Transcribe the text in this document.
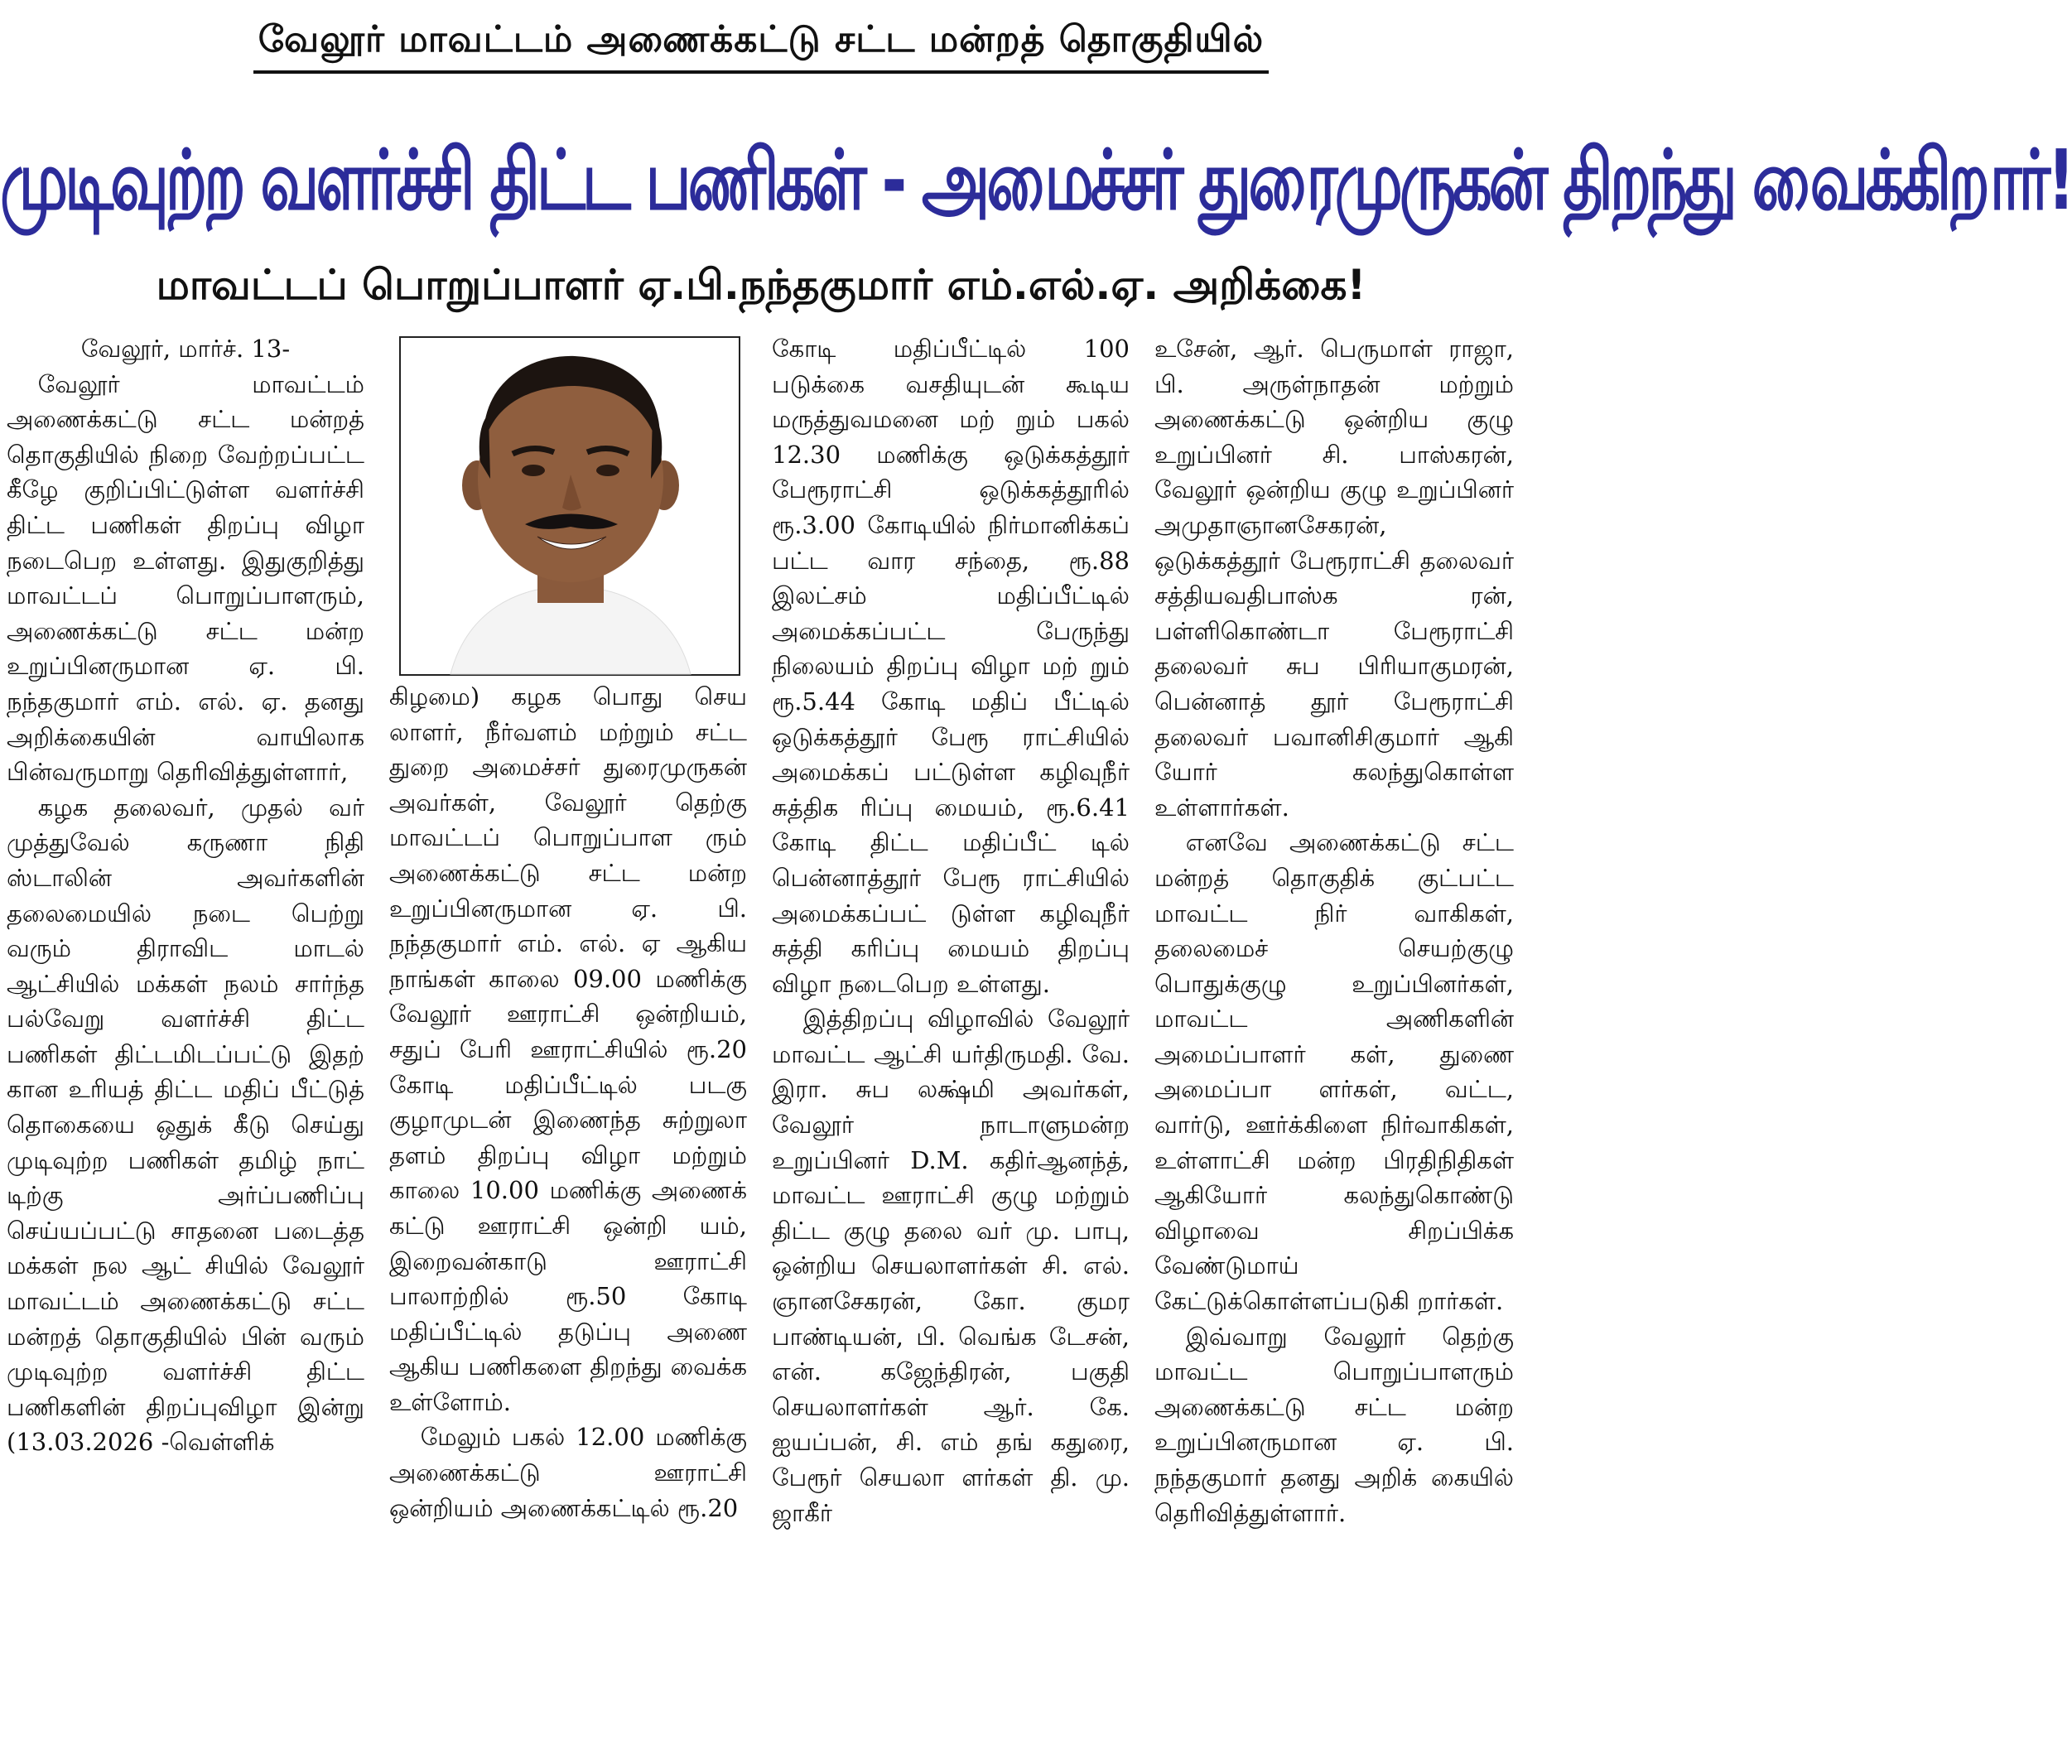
வேலூர் மாவட்டம் அணைக்கட்டு சட்ட மன்றத் தொகுதியில்
முடிவுற்ற வளர்ச்சி திட்ட பணிகள் - அமைச்சர் துரைமுருகன் திறந்து வைக்கிறார்!
மாவட்டப் பொறுப்பாளர் ஏ.பி.நந்தகுமார் எம்.எல்.ஏ. அறிக்கை!

வேலூர், மார்ச். 13-

வேலூர் மாவட்டம் அணைக்கட்டு சட்ட மன்றத் தொகுதியில் நிறை வேற்றப்பட்ட கீழே குறிப்பிட்டுள்ள வளர்ச்சி திட்ட பணிகள் திறப்பு விழா நடைபெற உள்ளது. இதுகுறித்து மாவட்டப் பொறுப்பாளரும், அணைக்கட்டு சட்ட மன்ற உறுப்பினருமான ஏ. பி. நந்தகுமார் எம். எல். ஏ. தனது அறிக்கையின் வாயிலாக பின்வருமாறு தெரிவித்துள்ளார்,

கழக தலைவர், முதல் வர் முத்துவேல் கருணா நிதி ஸ்டாலின் அவர்களின் தலைமையில் நடை பெற்று வரும் திராவிட மாடல் ஆட்சியில் மக்கள் நலம் சார்ந்த பல்வேறு வளர்ச்சி திட்ட பணிகள் திட்டமிடப்பட்டு இதற் கான உரியத் திட்ட மதிப் பீட்டுத் தொகையை ஒதுக் கீடு செய்து முடிவுற்ற பணிகள் தமிழ் நாட் டிற்கு அர்ப்பணிப்பு செய்யப்பட்டு சாதனை படைத்த மக்கள் நல ஆட் சியில் வேலூர் மாவட்டம் அணைக்கட்டு சட்ட மன்றத் தொகுதியில் பின் வரும் முடிவுற்ற வளர்ச்சி திட்ட பணிகளின் திறப்புவிழா இன்று (13.03.2026 -வெள்ளிக்

கிழமை) கழக பொது செய லாளர், நீர்வளம் மற்றும் சட்ட துறை அமைச்சர் துரைமுருகன் அவர்கள், வேலூர் தெற்கு மாவட்டப் பொறுப்பாள ரும் அணைக்கட்டு சட்ட மன்ற உறுப்பினருமான ஏ. பி. நந்தகுமார் எம். எல். ஏ ஆகிய நாங்கள் காலை 09.00 மணிக்கு வேலூர் ஊராட்சி ஒன்றியம், சதுப் பேரி ஊராட்சியில் ரூ.20 கோடி மதிப்பீட்டில் படகு குழாமுடன் இணைந்த சுற்றுலா தளம் திறப்பு விழா மற்றும் காலை 10.00 மணிக்கு அணைக் கட்டு ஊராட்சி ஒன்றி யம், இறைவன்காடு ஊராட்சி பாலாற்றில் ரூ.50 கோடி மதிப்பீட்டில் தடுப்பு அணை ஆகிய பணிகளை திறந்து வைக்க உள்ளோம்.

மேலும் பகல் 12.00 மணிக்கு அணைக்கட்டு ஊராட்சி ஒன்றியம் அணைக்கட்டில் ரூ.20

கோடி மதிப்பீட்டில் 100 படுக்கை வசதியுடன் கூடிய மருத்துவமனை மற் றும் பகல் 12.30 மணிக்கு ஒடுக்கத்தூர் பேரூராட்சி ஒடுக்கத்தூரில் ரூ.3.00 கோடியில் நிர்மானிக்கப் பட்ட வார சந்தை, ரூ.88 இலட்சம் மதிப்பீட்டில் அமைக்கப்பட்ட பேருந்து நிலையம் திறப்பு விழா மற் றும் ரூ.5.44 கோடி மதிப் பீட்டில் ஒடுக்கத்தூர் பேரூ ராட்சியில் அமைக்கப் பட்டுள்ள கழிவுநீர் சுத்திக ரிப்பு மையம், ரூ.6.41 கோடி திட்ட மதிப்பீட் டில் பென்னாத்தூர் பேரூ ராட்சியில் அமைக்கப்பட் டுள்ள கழிவுநீர் சுத்தி கரிப்பு மையம் திறப்பு விழா நடைபெற உள்ளது.

இத்திறப்பு விழாவில் வேலூர் மாவட்ட ஆட்சி யர்திருமதி. வே. இரா. சுப லக்ஷ்மி அவர்கள், வேலூர் நாடாளுமன்ற உறுப்பினர் D.M. கதிர்ஆனந்த், மாவட்ட ஊராட்சி குழு மற்றும் திட்ட குழு தலை வர் மு. பாபு, ஒன்றிய செயலாளர்கள் சி. எல். ஞானசேகரன், கோ. குமர பாண்டியன், பி. வெங்க டேசன், என். கஜேந்திரன், பகுதி செயலாளர்கள் ஆர். கே. ஐயப்பன், சி. எம் தங் கதுரை, பேரூர் செயலா ளர்கள் தி. மு. ஜாகீர்

உசேன், ஆர். பெருமாள் ராஜா, பி. அருள்நாதன் மற்றும் அணைக்கட்டு ஒன்றிய குழு உறுப்பினர் சி. பாஸ்கரன், வேலூர் ஒன்றிய குழு உறுப்பினர் அமுதாஞானசேகரன், ஒடுக்கத்தூர் பேரூராட்சி தலைவர் சத்தியவதிபாஸ்க ரன், பள்ளிகொண்டா பேரூராட்சி தலைவர் சுப பிரியாகுமரன், பென்னாத் தூர் பேரூராட்சி தலைவர் பவானிசிகுமார் ஆகி யோர் கலந்துகொள்ள உள்ளார்கள்.

எனவே அணைக்கட்டு சட்ட மன்றத் தொகுதிக் குட்பட்ட மாவட்ட நிர் வாகிகள், தலைமைச் செயற்குழு பொதுக்குழு உறுப்பினர்கள், மாவட்ட அணிகளின் அமைப்பாளர் கள், துணை அமைப்பா ளர்கள், வட்ட, வார்டு, ஊர்க்கிளை நிர்வாகிகள், உள்ளாட்சி மன்ற பிரதிநிதிகள் ஆகியோர் கலந்துகொண்டு விழாவை சிறப்பிக்க வேண்டுமாய் கேட்டுக்கொள்ளப்படுகி றார்கள்.

இவ்வாறு வேலூர் தெற்கு மாவட்ட பொறுப்பாளரும் அணைக்கட்டு சட்ட மன்ற உறுப்பினருமான ஏ. பி. நந்தகுமார் தனது அறிக் கையில் தெரிவித்துள்ளார்.
